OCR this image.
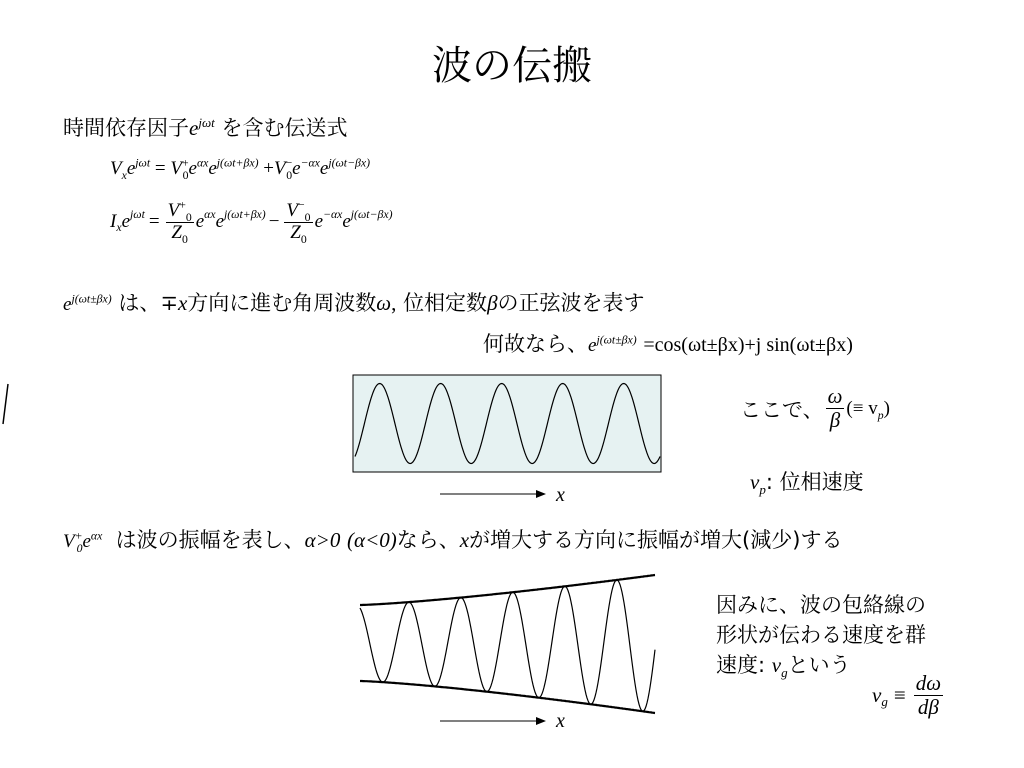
波の伝搬
時間依存因子$e^{j\omega t}$ を含む伝送式
$V_xe^{j\omega t} = V^+_0e^{\alpha x}e^{j(\omega t+\beta x)} +V^-_0e^{-\alpha x}e^{j(\omega t-\beta x)}$
I x e $j\omega t = \frac{V^+_0}{Z_0}$ e αx e $j(\omega t+\beta x) - \frac{V^-_0}{Z_0}$ e −αx e j(ωt−βx)
$e^{j(\omega t\pm\beta x)}$ は、∓x方向に進む角周波数ω, 位相定数βの正弦波を表す
何故なら、$e^{j(\omega t\pm\beta x)} =\cos(\omega t\pm\beta x)+j$ sin(ωt±βx)
x
ここで、 $\frac{\omega}{\beta}$ (≡ $v_p$)
$v_p$: 位相速度
$V^+_0e^{\alpha x}$ は波の振幅を表し、α>0 (α<0)なら、xが増大する方向に振幅が増大(減少)する
x
因みに、波の包絡線の
形状が伝わる速度を群
速度: $v_g$という
v $g \equiv \frac{d\omega}{d\beta}$
